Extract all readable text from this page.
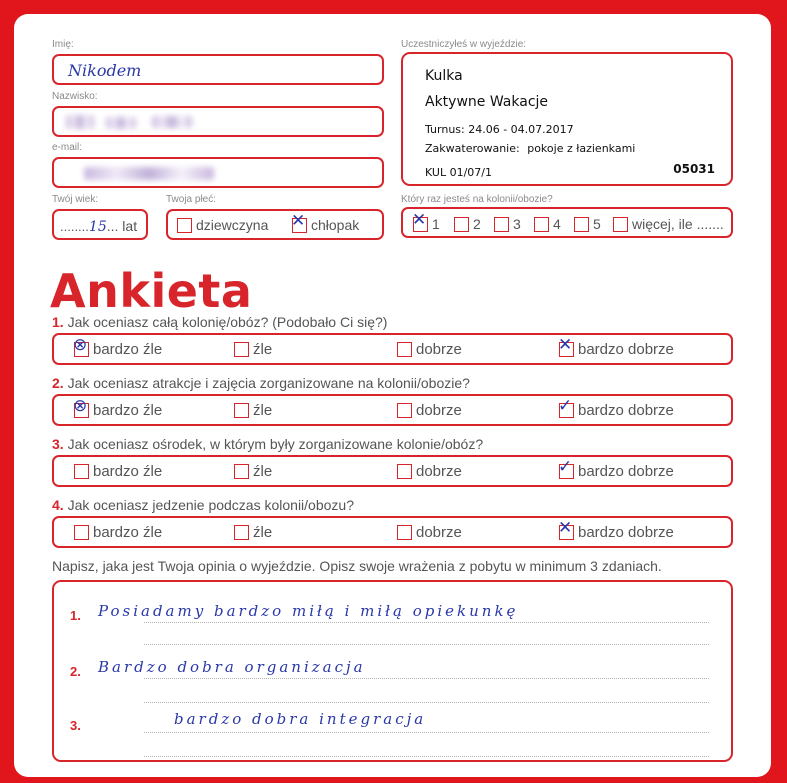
Imię:
Nikodem
Nazwisko:
e-mail:
Twój wiek:
........15... lat
Twoja płeć:
dziewczyna ✕ chłopak
Uczestniczyłeś w wyjeździe:
Kulka
Aktywne Wakacje
Turnus: 24.06 - 04.07.2017
Zakwaterowanie: pokoje z łazienkami
KUL 01/07/1	05031
Który raz jesteś na kolonii/obozie?
✕ 1	2	3	4	5	więcej, ile .......
Ankieta
1. Jak oceniasz całą kolonię/obóz? (Podobało Ci się?)
⊗ bardzo źle	źle	dobrze	✕ bardzo dobrze
2. Jak oceniasz atrakcje i zajęcia zorganizowane na kolonii/obozie?
⊗ bardzo źle	źle	dobrze	✓ bardzo dobrze
3. Jak oceniasz ośrodek, w którym były zorganizowane kolonie/obóz?
bardzo źle	źle	dobrze	✓ bardzo dobrze
4. Jak oceniasz jedzenie podczas kolonii/obozu?
bardzo źle	źle	dobrze	✕ bardzo dobrze
Napisz, jaka jest Twoja opinia o wyjeździe. Opisz swoje wrażenia z pobytu w minimum 3 zdaniach.
1. Posiadamy bardzo miłą i miłą opiekunkę
2. Bardzo dobra organizacja
3.	bardzo dobra integracja
